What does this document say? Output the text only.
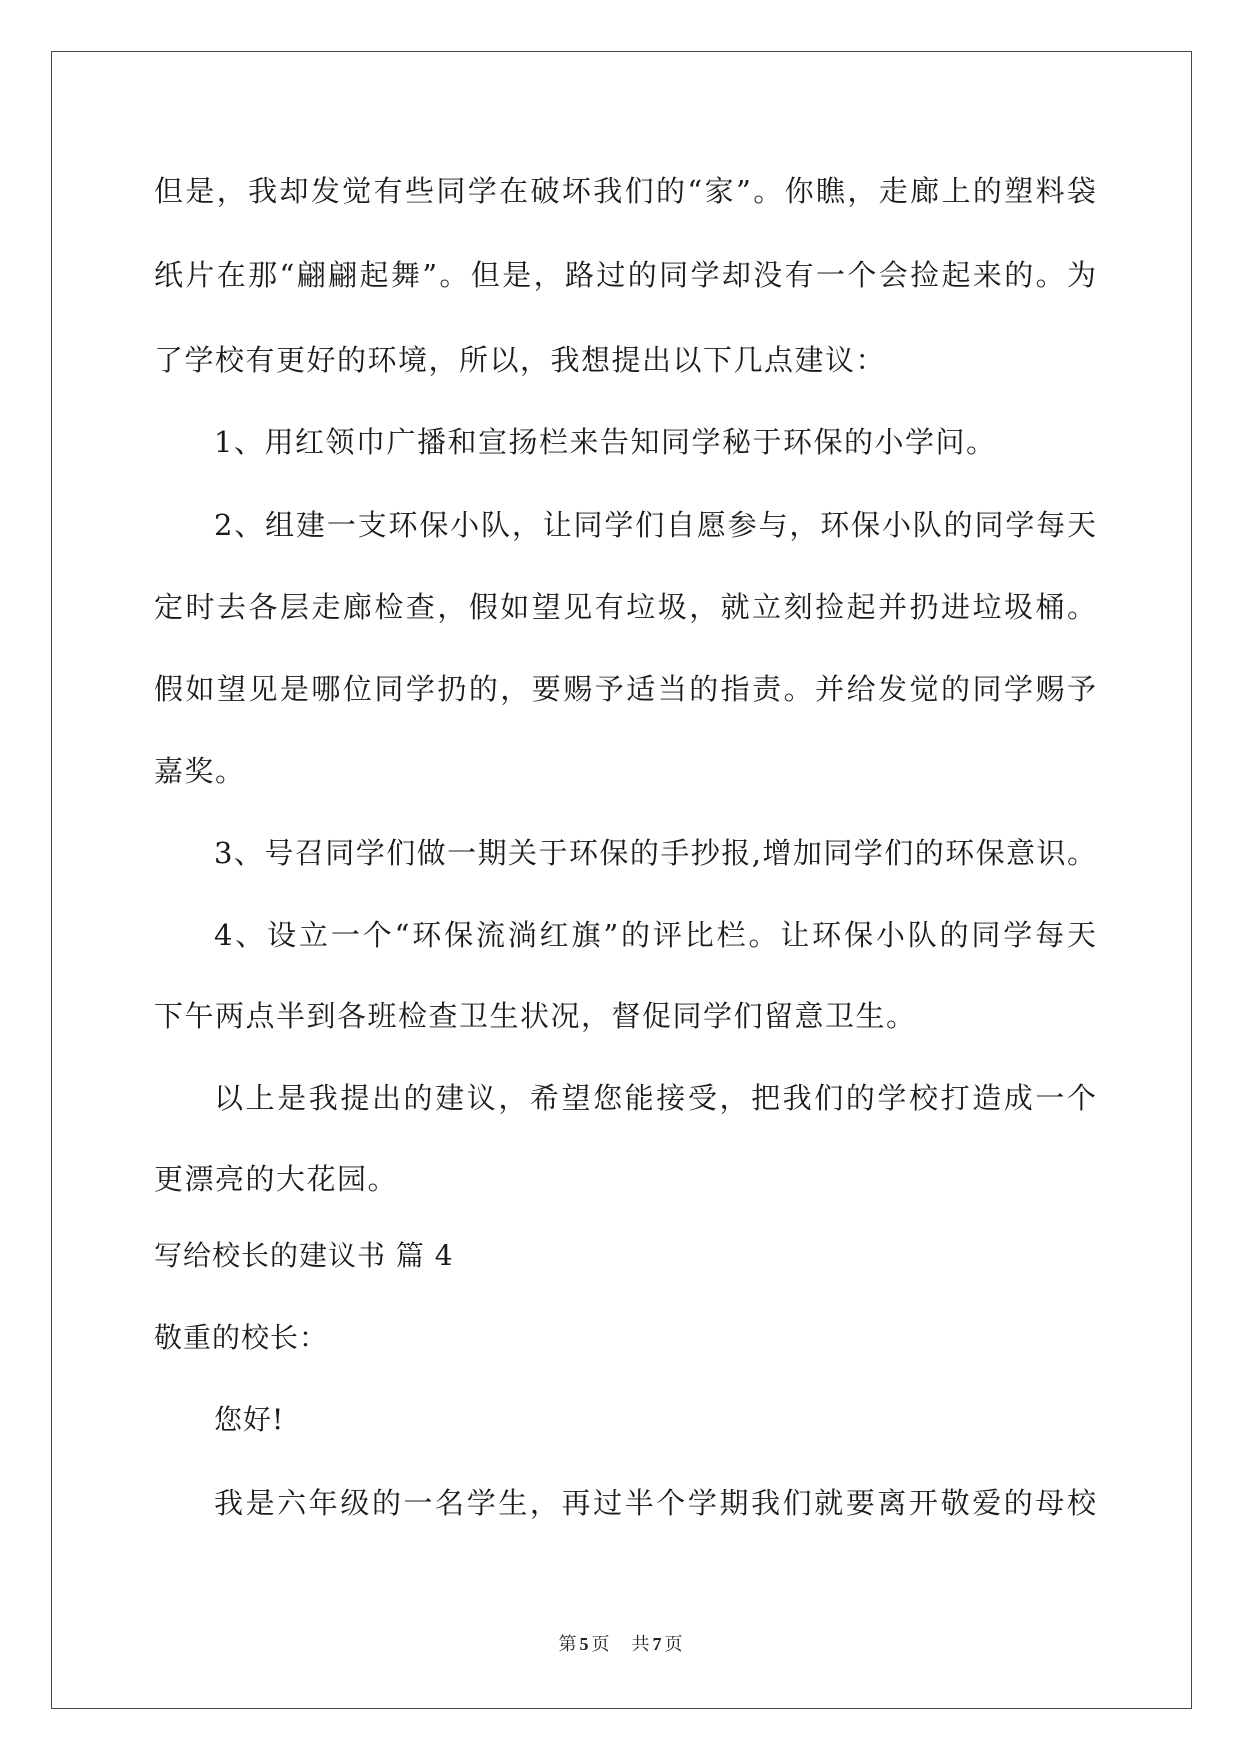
但是，我却发觉有些同学在破坏我们的“家”。你瞧，走廊上的塑料袋
纸片在那“翩翩起舞”。但是，路过的同学却没有一个会捡起来的。为
了学校有更好的环境，所以，我想提出以下几点建议：
1、用红领巾广播和宣扬栏来告知同学秘于环保的小学问。
2、组建一支环保小队，让同学们自愿参与，环保小队的同学每天
定时去各层走廊检查，假如望见有垃圾，就立刻捡起并扔进垃圾桶。
假如望见是哪位同学扔的，要赐予适当的指责。并给发觉的同学赐予
嘉奖。
3、号召同学们做一期关于环保的手抄报,增加同学们的环保意识。
4、设立一个“环保流淌红旗”的评比栏。让环保小队的同学每天
下午两点半到各班检查卫生状况，督促同学们留意卫生。
以上是我提出的建议，希望您能接受，把我们的学校打造成一个
更漂亮的大花园。
写给校长的建议书 篇 4
敬重的校长：
您好!
我是六年级的一名学生，再过半个学期我们就要离开敬爱的母校
第 5 页 共 7 页
